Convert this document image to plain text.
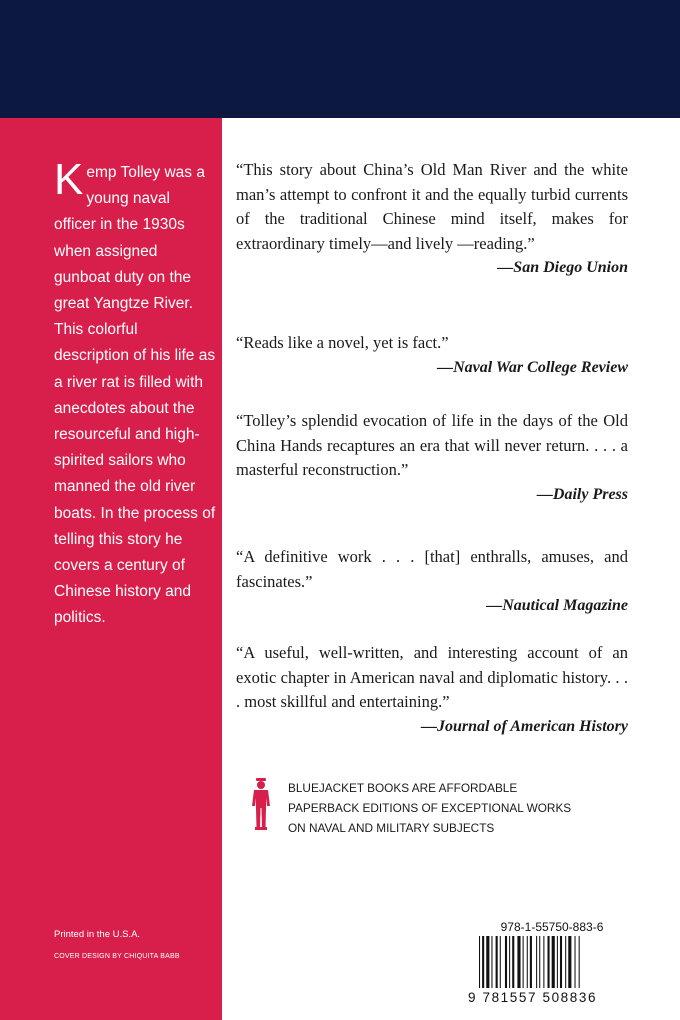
Kemp Tolley was a young naval officer in the 1930s when assigned gunboat duty on the great Yangtze River. This colorful description of his life as a river rat is filled with anecdotes about the resourceful and high-spirited sailors who manned the old river boats. In the process of telling this story he covers a century of Chinese history and politics.

“This story about China’s Old Man River and the white man’s attempt to confront it and the equally turbid currents of the traditional Chinese mind itself, makes for extraordinary timely—and lively —reading.”

—San Diego Union

“Reads like a novel, yet is fact.”

—Naval War College Review

“Tolley’s splendid evocation of life in the days of the Old China Hands recaptures an era that will never return. . . . a masterful reconstruction.”

—Daily Press

“A definitive work . . . [that] enthralls, amuses, and fascinates.”

—Nautical Magazine

“A useful, well-written, and interesting account of an exotic chapter in American naval and diplomatic history. . . . most skillful and entertaining.”

—Journal of American History

BLUEJACKET BOOKS ARE AFFORDABLE
PAPERBACK EDITIONS OF EXCEPTIONAL WORKS
ON NAVAL AND MILITARY SUBJECTS
Printed in the U.S.A.
COVER DESIGN BY CHIQUITA BABB
978-1-55750-883-6
9 781557 508836
